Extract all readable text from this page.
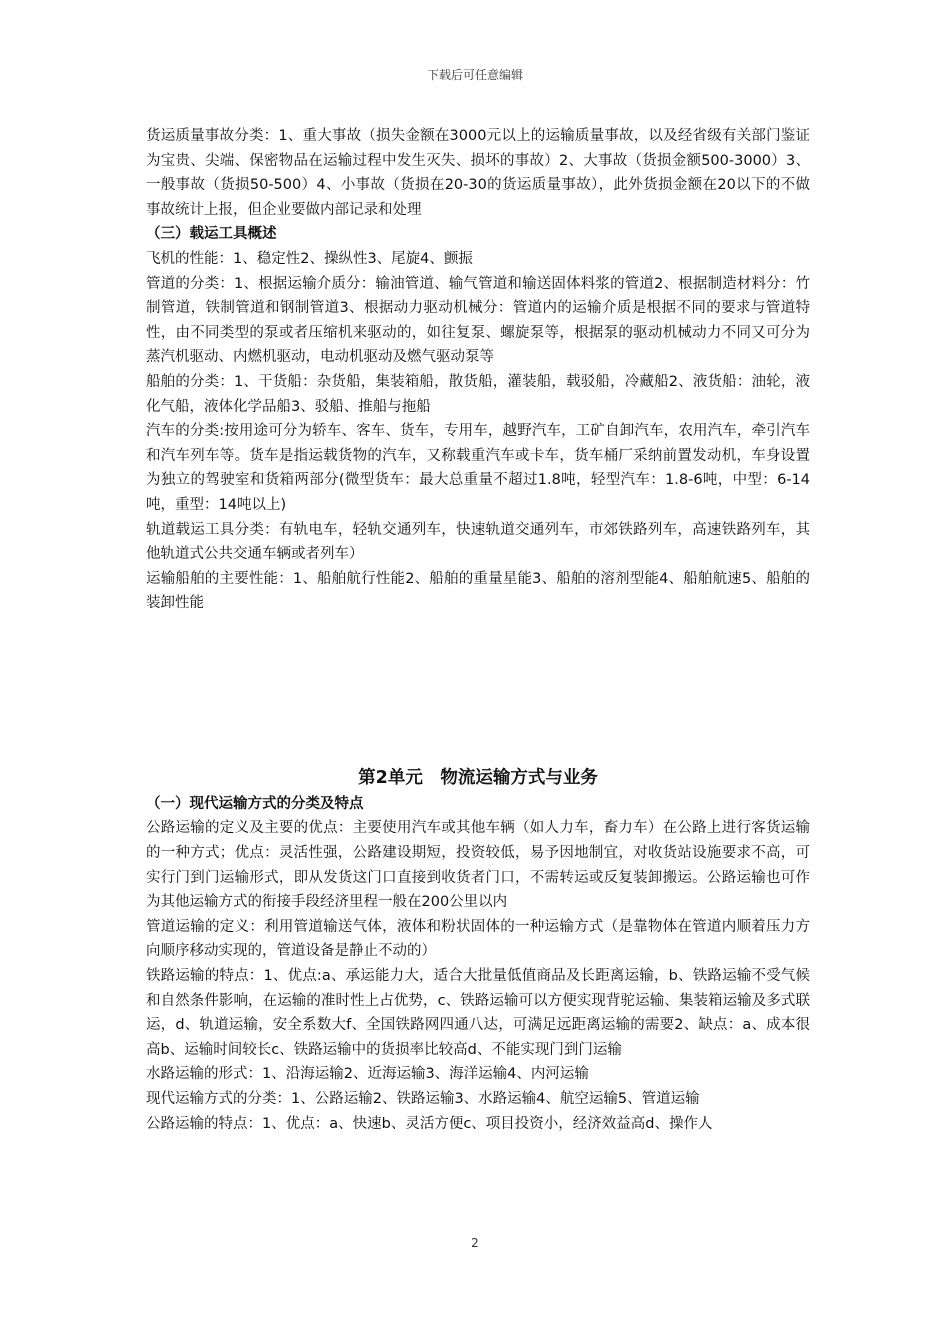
下载后可任意编辑

货运质量事故分类：1、重大事故（损失金额在3000元以上的运输质量事故，以及经省级有关部门鉴证为宝贵、尖端、保密物品在运输过程中发生灭失、损坏的事故）2、大事故（货损金额500-3000）3、一般事故（货损50-500）4、小事故（货损在20-30的货运质量事故），此外货损金额在20以下的不做事故统计上报，但企业要做内部记录和处理

（三）载运工具概述

飞机的性能：1、稳定性2、操纵性3、尾旋4、颤振

管道的分类：1、根据运输介质分：输油管道、输气管道和输送固体料浆的管道2、根据制造材料分：竹制管道，铁制管道和钢制管道3、根据动力驱动机械分：管道内的运输介质是根据不同的要求与管道特性，由不同类型的泵或者压缩机来驱动的，如往复泵、螺旋泵等，根据泵的驱动机械动力不同又可分为蒸汽机驱动、内燃机驱动，电动机驱动及燃气驱动泵等

船舶的分类：1、干货船：杂货船，集装箱船，散货船，灌装船，载驳船，冷藏船2、液货船：油轮，液化气船，液体化学品船3、驳船、推船与拖船

汽车的分类:按用途可分为轿车、客车、货车，专用车，越野汽车，工矿自卸汽车，农用汽车，牵引汽车和汽车列车等。货车是指运载货物的汽车，又称载重汽车或卡车，货车桶厂采纳前置发动机，车身设置为独立的驾驶室和货箱两部分(微型货车：最大总重量不超过1.8吨，轻型汽车：1.8-6吨，中型：6-14吨，重型：14吨以上)

轨道载运工具分类：有轨电车，轻轨交通列车，快速轨道交通列车，市郊铁路列车，高速铁路列车，其他轨道式公共交通车辆或者列车）

运输船舶的主要性能：1、船舶航行性能2、船舶的重量星能3、船舶的溶剂型能4、船舶航速5、船舶的装卸性能

第2单元　物流运输方式与业务

（一）现代运输方式的分类及特点

公路运输的定义及主要的优点：主要使用汽车或其他车辆（如人力车，畜力车）在公路上进行客货运输的一种方式；优点：灵活性强，公路建设期短，投资较低，易予因地制宜，对收货站设施要求不高，可实行门到门运输形式，即从发货这门口直接到收货者门口，不需转运或反复装卸搬运。公路运输也可作为其他运输方式的衔接手段经济里程一般在200公里以内

管道运输的定义：利用管道输送气体，液体和粉状固体的一种运输方式（是靠物体在管道内顺着压力方向顺序移动实现的，管道设备是静止不动的）

铁路运输的特点：1、优点:a、承运能力大，适合大批量低值商品及长距离运输，b、铁路运输不受气候和自然条件影响，在运输的准时性上占优势，c、铁路运输可以方便实现背驼运输、集装箱运输及多式联运，d、轨道运输，安全系数大f、全国铁路网四通八达，可满足远距离运输的需要2、缺点：a、成本很高b、运输时间较长c、铁路运输中的货损率比较高d、不能实现门到门运输

水路运输的形式：1、沿海运输2、近海运输3、海洋运输4、内河运输

现代运输方式的分类：1、公路运输2、铁路运输3、水路运输4、航空运输5、管道运输

公路运输的特点：1、优点：a、快速b、灵活方便c、项目投资小，经济效益高d、操作人

2
